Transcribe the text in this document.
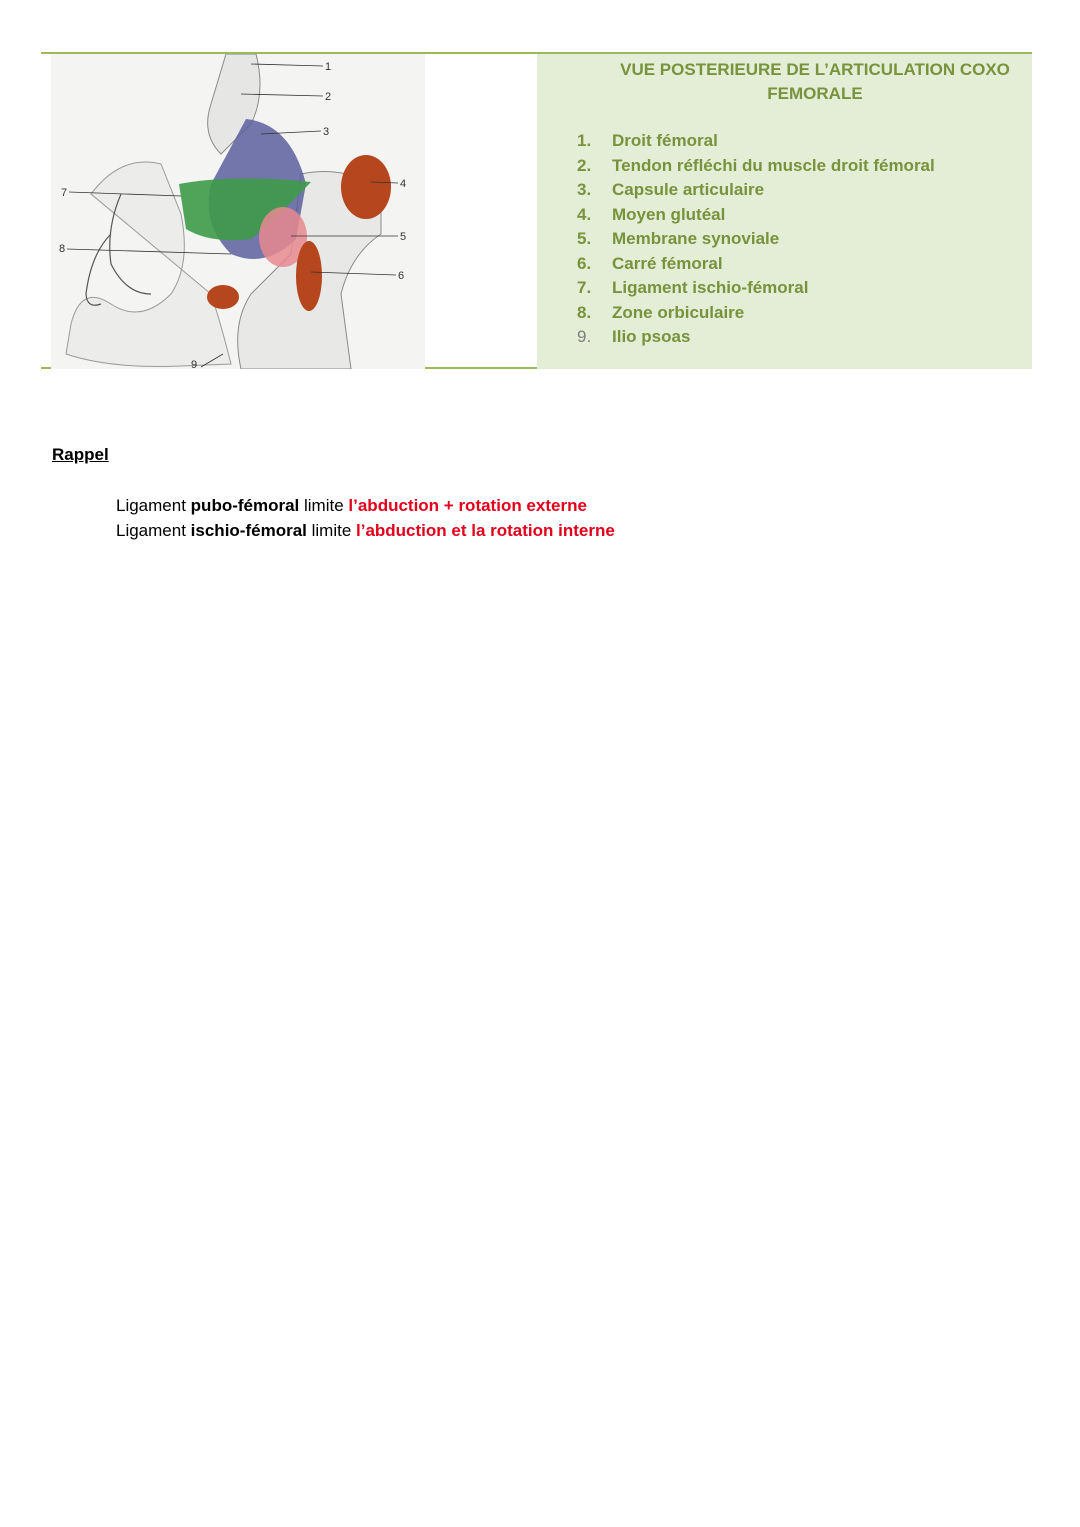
1
2
3
4
5
6
7
8
9
VUE POSTERIEURE DE L’ARTICULATION COXO
FEMORALE
1.	Droit fémoral
2.	Tendon réfléchi du muscle droit fémoral
3.	Capsule articulaire
4.	Moyen glutéal
5.	Membrane synoviale
6.	Carré fémoral
7.	Ligament ischio-fémoral
8.	Zone orbiculaire
9.	Ilio psoas
Rappel
Ligament pubo-fémoral limite l’abduction + rotation externe
Ligament ischio-fémoral limite l’abduction et la rotation interne
